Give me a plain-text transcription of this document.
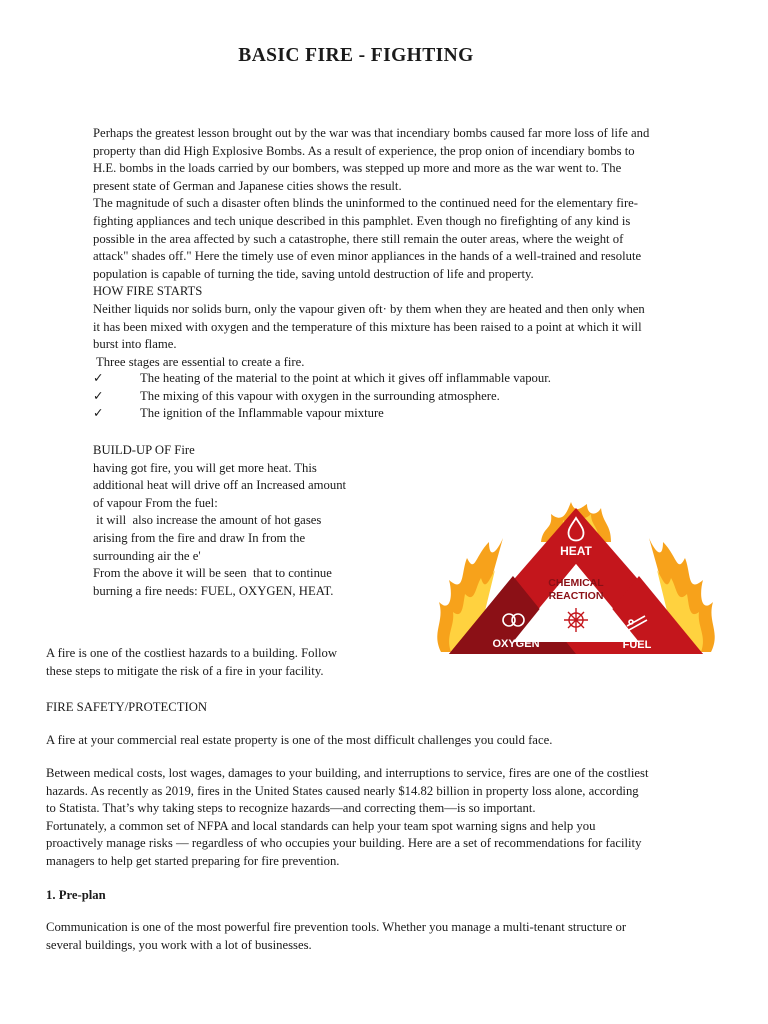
BASIC FIRE - FIGHTING
Perhaps the greatest lesson brought out by the war was that incendiary bombs caused far more loss of life and
property than did High Explosive Bombs. As a result of experience, the prop onion of incendiary bombs to
H.E. bombs in the loads carried by our bombers, was stepped up more and more as the war went to. The
present state of German and Japanese cities shows the result.
The magnitude of such a disaster often blinds the uninformed to the continued need for the elementary fire-
fighting appliances and tech unique described in this pamphlet. Even though no firefighting of any kind is
possible in the area affected by such a catastrophe, there still remain the outer areas, where the weight of
attack" shades off." Here the timely use of even minor appliances in the hands of a well-trained and resolute
population is capable of turning the tide, saving untold destruction of life and property.
HOW FIRE STARTS
Neither liquids nor solids burn, only the vapour given oft· by them when they are heated and then only when
it has been mixed with oxygen and the temperature of this mixture has been raised to a point at which it will
burst into flame.
Three stages are essential to create a fire.
✓	The heating of the material to the point at which it gives off inflammable vapour.
✓	The mixing of this vapour with oxygen in the surrounding atmosphere.
✓	The ignition of the Inflammable vapour mixture
BUILD-UP OF Fire
having got fire, you will get more heat. This
additional heat will drive off an Increased amount
of vapour From the fuel:
it will  also increase the amount of hot gases
arising from the fire and draw In from the
surrounding air the e'
From the above it will be seen  that to continue
burning a fire needs: FUEL, OXYGEN, HEAT.
HEAT
CHEMICAL
REACTION
OXYGEN	FUEL
A fire is one of the costliest hazards to a building. Follow
these steps to mitigate the risk of a fire in your facility.
FIRE SAFETY/PROTECTION
A fire at your commercial real estate property is one of the most difficult challenges you could face.
Between medical costs, lost wages, damages to your building, and interruptions to service, fires are one of the costliest
hazards. As recently as 2019, fires in the United States caused nearly $14.82 billion in property loss alone, according
to Statista. That’s why taking steps to recognize hazards—and correcting them—is so important.
Fortunately, a common set of NFPA and local standards can help your team spot warning signs and help you
proactively manage risks — regardless of who occupies your building. Here are a set of recommendations for facility
managers to help get started preparing for fire prevention.
1. Pre-plan
Communication is one of the most powerful fire prevention tools. Whether you manage a multi-tenant structure or
several buildings, you work with a lot of businesses.
